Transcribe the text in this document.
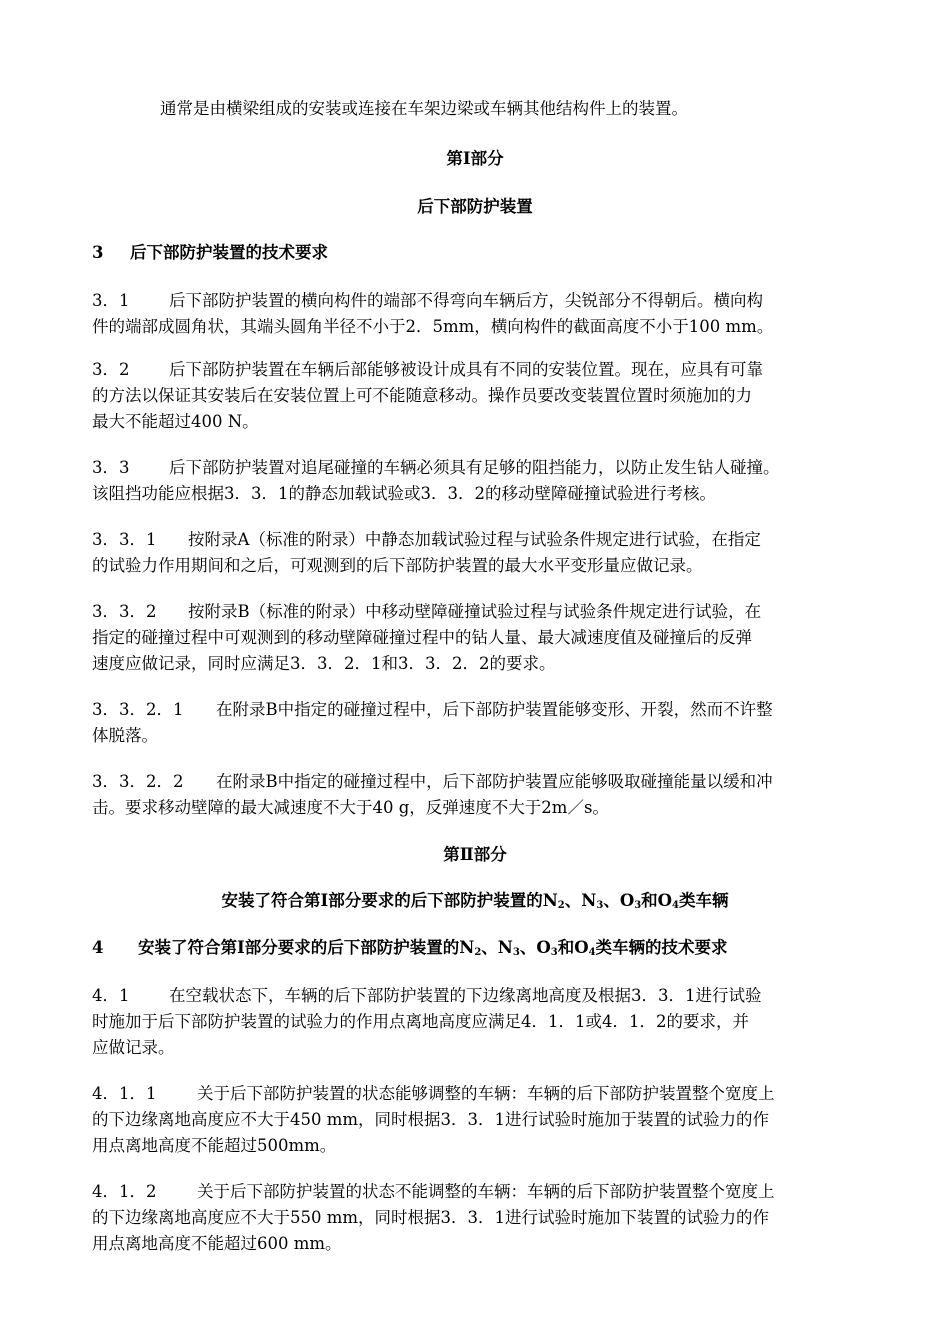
通常是由横梁组成的安装或连接在车架边梁或车辆其他结构件上的装置。
第Ⅰ部分
后下部防护装置
3 后下部防护装置的技术要求
3．1 后下部防护装置的横向构件的端部不得弯向车辆后方，尖锐部分不得朝后。横向构
件的端部成圆角状，其端头圆角半径不小于2．5mm，横向构件的截面高度不小于100 mm。
3．2 后下部防护装置在车辆后部能够被设计成具有不同的安装位置。现在，应具有可靠
的方法以保证其安装后在安装位置上可不能随意移动。操作员要改变装置位置时须施加的力
最大不能超过400 N。
3．3 后下部防护装置对追尾碰撞的车辆必须具有足够的阻挡能力，以防止发生钻人碰撞。
该阻挡功能应根据3．3．1的静态加载试验或3．3．2的移动壁障碰撞试验进行考核。
3．3．1 按附录A（标准的附录）中静态加载试验过程与试验条件规定进行试验，在指定
的试验力作用期间和之后，可观测到的后下部防护装置的最大水平变形量应做记录。
3．3．2 按附录B（标准的附录）中移动壁障碰撞试验过程与试验条件规定进行试验，在
指定的碰撞过程中可观测到的移动壁障碰撞过程中的钻人量、最大减速度值及碰撞后的反弹
速度应做记录，同时应满足3．3．2．1和3．3．2．2的要求。
3．3．2．1 在附录B中指定的碰撞过程中，后下部防护装置能够变形、开裂，然而不许整
体脱落。
3．3．2．2 在附录B中指定的碰撞过程中，后下部防护装置应能够吸取碰撞能量以缓和冲
击。要求移动壁障的最大减速度不大于40 g，反弹速度不大于2m／s。
第Ⅱ部分
安装了符合第Ⅰ部分要求的后下部防护装置的$N_2$、$N_3$、$O_3$和$O_4$类车辆
4 安装了符合第Ⅰ部分要求的后下部防护装置的$N_2$、$N_3$、$O_3$和$O_4$类车辆的技术要求
4．1 在空载状态下，车辆的后下部防护装置的下边缘离地高度及根据3．3．1进行试验
时施加于后下部防护装置的试验力的作用点离地高度应满足4．1．1或4．1．2的要求，并
应做记录。
4．1．1 关于后下部防护装置的状态能够调整的车辆：车辆的后下部防护装置整个宽度上
的下边缘离地高度应不大于450 mm，同时根据3．3．1进行试验时施加于装置的试验力的作
用点离地高度不能超过500mm。
4．1．2 关于后下部防护装置的状态不能调整的车辆：车辆的后下部防护装置整个宽度上
的下边缘离地高度应不大于550 mm，同时根据3．3．1进行试验时施加下装置的试验力的作
用点离地高度不能超过600 mm。
